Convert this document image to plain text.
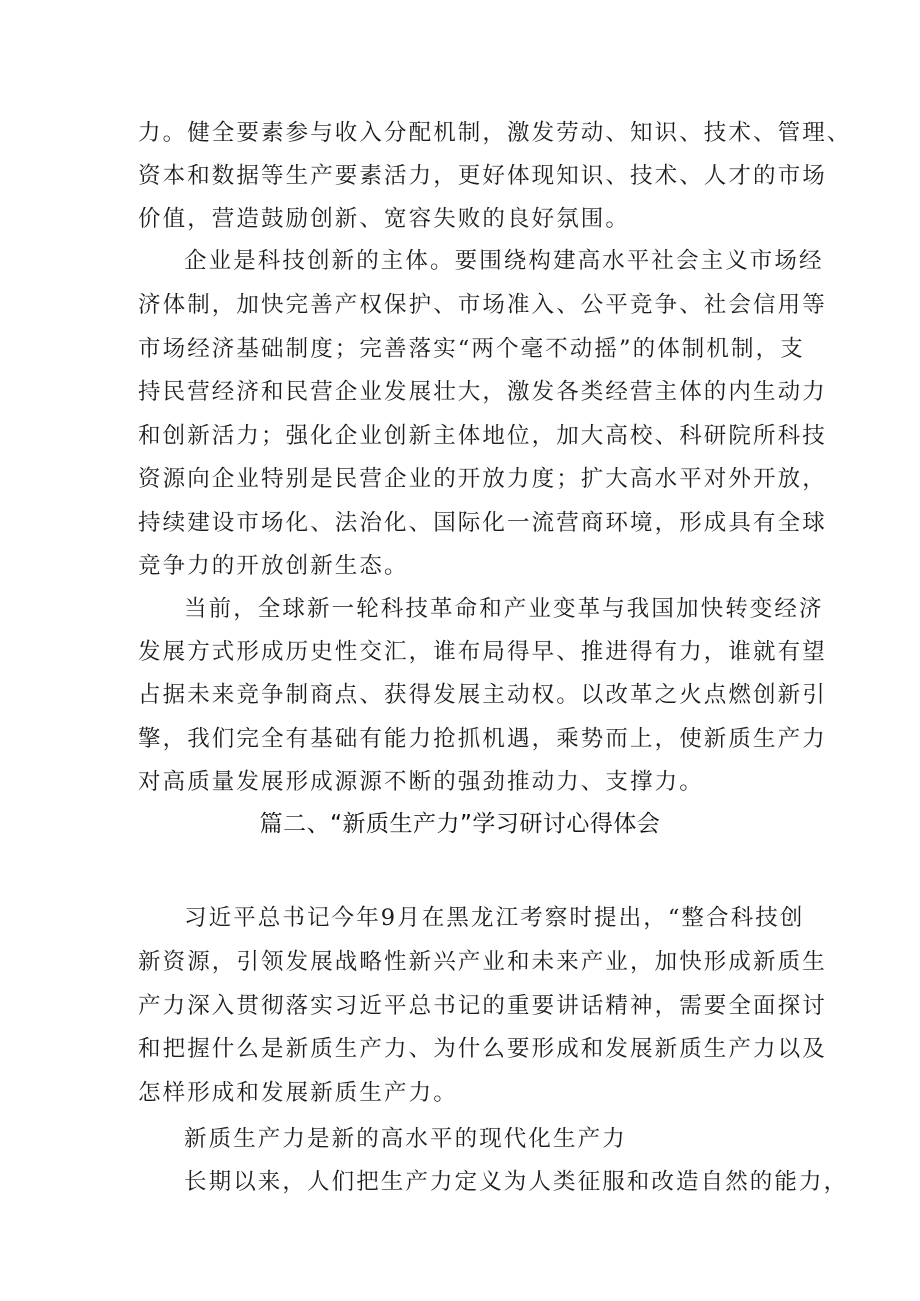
力。健全要素参与收入分配机制，激发劳动、知识、技术、管理、
资本和数据等生产要素活力，更好体现知识、技术、人才的市场
价值，营造鼓励创新、宽容失败的良好氛围。
企业是科技创新的主体。要围绕构建高水平社会主义市场经
济体制，加快完善产权保护、市场准入、公平竞争、社会信用等
市场经济基础制度；完善落实“两个毫不动摇”的体制机制，支
持民营经济和民营企业发展壮大，激发各类经营主体的内生动力
和创新活力；强化企业创新主体地位，加大高校、科研院所科技
资源向企业特别是民营企业的开放力度；扩大高水平对外开放，
持续建设市场化、法治化、国际化一流营商环境，形成具有全球
竞争力的开放创新生态。
当前，全球新一轮科技革命和产业变革与我国加快转变经济
发展方式形成历史性交汇，谁布局得早、推进得有力，谁就有望
占据未来竞争制商点、获得发展主动权。以改革之火点燃创新引
擎，我们完全有基础有能力抢抓机遇，乘势而上，使新质生产力
对高质量发展形成源源不断的强劲推动力、支撑力。
篇二、“新质生产力”学习研讨心得体会
习近平总书记今年9月在黑龙江考察时提出，“整合科技创
新资源，引领发展战略性新兴产业和未来产业，加快形成新质生
产力深入贯彻落实习近平总书记的重要讲话精神，需要全面探讨
和把握什么是新质生产力、为什么要形成和发展新质生产力以及
怎样形成和发展新质生产力。
新质生产力是新的高水平的现代化生产力
长期以来，人们把生产力定义为人类征服和改造自然的能力，
